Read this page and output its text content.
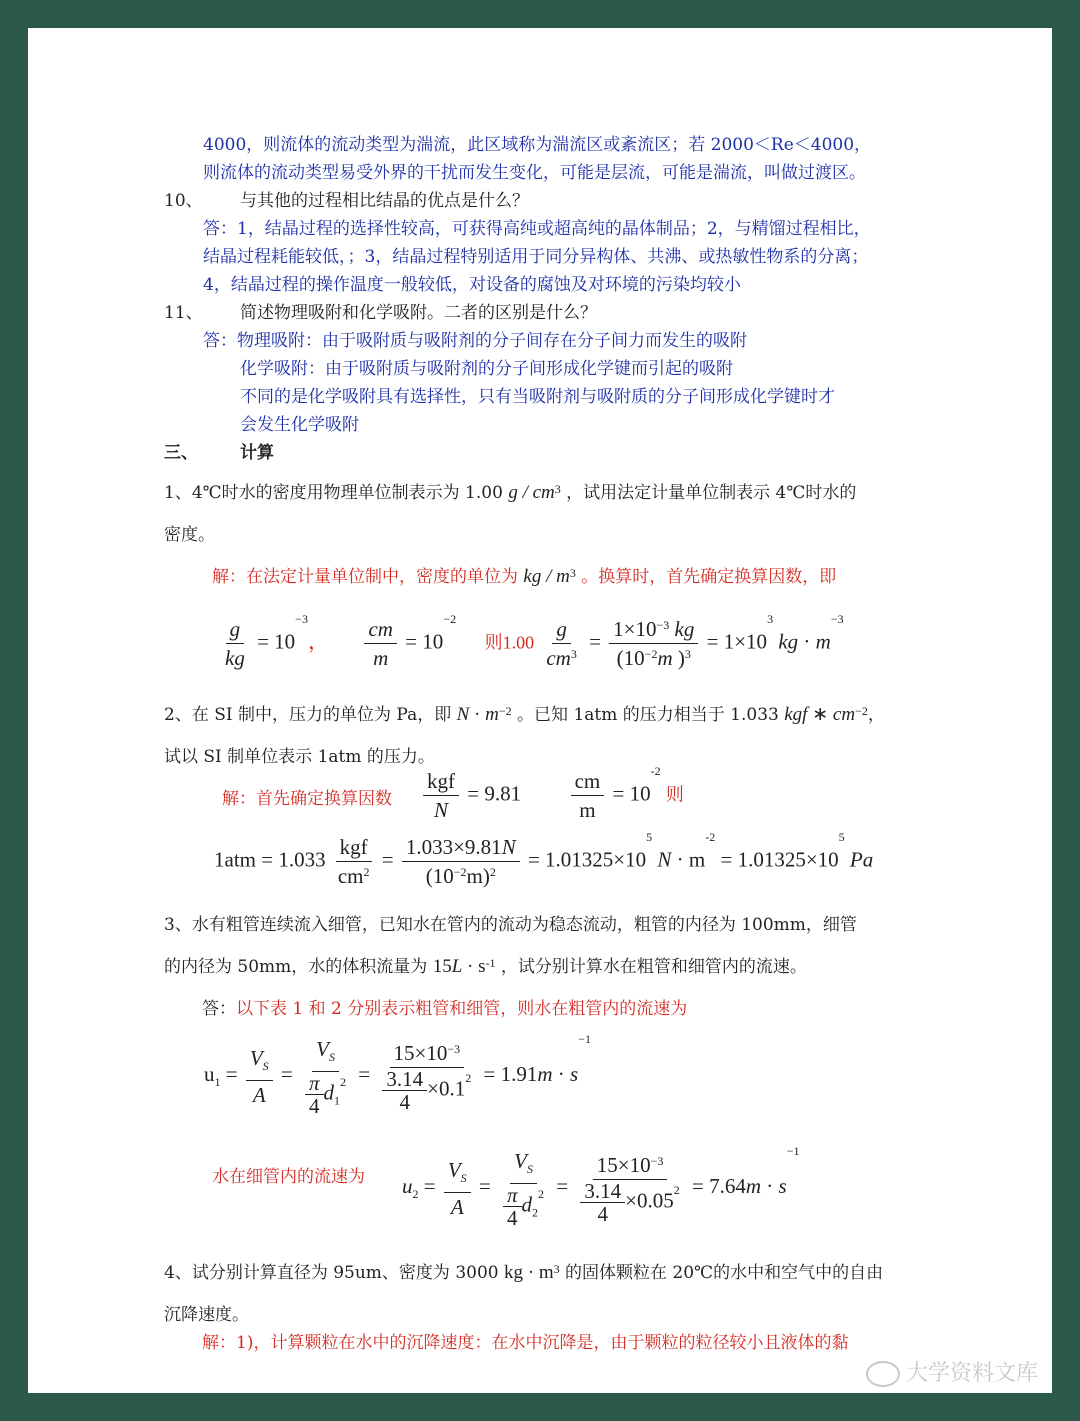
4000，则流体的流动类型为湍流，此区域称为湍流区或紊流区；若 2000＜Re＜4000，
则流体的流动类型易受外界的干扰而发生变化，可能是层流，可能是湍流，叫做过渡区。
10、 与其他的过程相比结晶的优点是什么？
答：1，结晶过程的选择性较高，可获得高纯或超高纯的晶体制品；2，与精馏过程相比，
结晶过程耗能较低，；3，结晶过程特别适用于同分异构体、共沸、或热敏性物系的分离；
4，结晶过程的操作温度一般较低，对设备的腐蚀及对环境的污染均较小
11、 简述物理吸附和化学吸附。二者的区别是什么？
答：物理吸附：由于吸附质与吸附剂的分子间存在分子间力而发生的吸附
化学吸附：由于吸附质与吸附剂的分子间形成化学键而引起的吸附
不同的是化学吸附具有选择性，只有当吸附剂与吸附质的分子间形成化学键时才
会发生化学吸附
三、 计算
1、4℃时水的密度用物理单位制表示为 1.00 g / $cm^3$ ，试用法定计量单位制表示 4℃时水的
密度。
解：在法定计量单位制中，密度的单位为 kg / $m^3$ 。换算时，首先确定换算因数，即
$\frac{g}{kg} = 10^{-3}$， $\frac{cm}{m} = 10^{-2}$  则$1.00 \frac{g}{cm^3} = \frac{1\times 10^{-3} kg}{(10^{-2}m )^3} = 1\times 10^3$ kg · $m^{-3}$
2、在 SI 制中，压力的单位为 Pa，即 $N \cdot m^{-2}$ 。已知 1atm 的压力相当于 1.033 kgf ∗ $cm^{-2}$，
试以 SI 制单位表示 1atm 的压力。
解：首先确定换算因数 $\frac{\text{kgf}}{N} = 9.81 \frac{cm}{m} = 10^{-2}$ 则
$1atm = 1.033 \frac{\text{kgf}}{cm^2} = \frac{1.033\times 9.81N}{(10^{-2}m)^2} = 1.01325\times 10^5$ $N \cdot m^{-2} = 1.01325\times 10^5$ Pa
3、水有粗管连续流入细管，已知水在管内的流动为稳态流动，粗管的内径为 100mm，细管
的内径为 50mm，水的体积流量为 $15L \cdot s^{-1}$ ，试分别计算水在粗管和细管内的流速。
答：以下表 1 和 2 分别表示粗管和细管，则水在粗管内的流速为
$u_1 = \frac{V_S}{A} = \frac{V_S}{\frac{\pi}{4} d_1^2} = \frac{15\times 10^{-3}}{\frac{3.14}{4} \times 0.1^2} = 1.91m \cdot s^{-1}$
水在细管内的流速为 $u_2 = \frac{V_S}{A} = \frac{V_S}{\frac{\pi}{4} d_2^2} = \frac{15\times 10^{-3}}{\frac{3.14}{4} \times 0.05^2} = 7.64m \cdot s^{-1}$
4、试分别计算直径为 95um、密度为 3000 kg · $m^3$ 的固体颗粒在 20℃的水中和空气中的自由
沉降速度。
解：1)，计算颗粒在水中的沉降速度：在水中沉降是，由于颗粒的粒径较小且液体的黏
大学资料文库
